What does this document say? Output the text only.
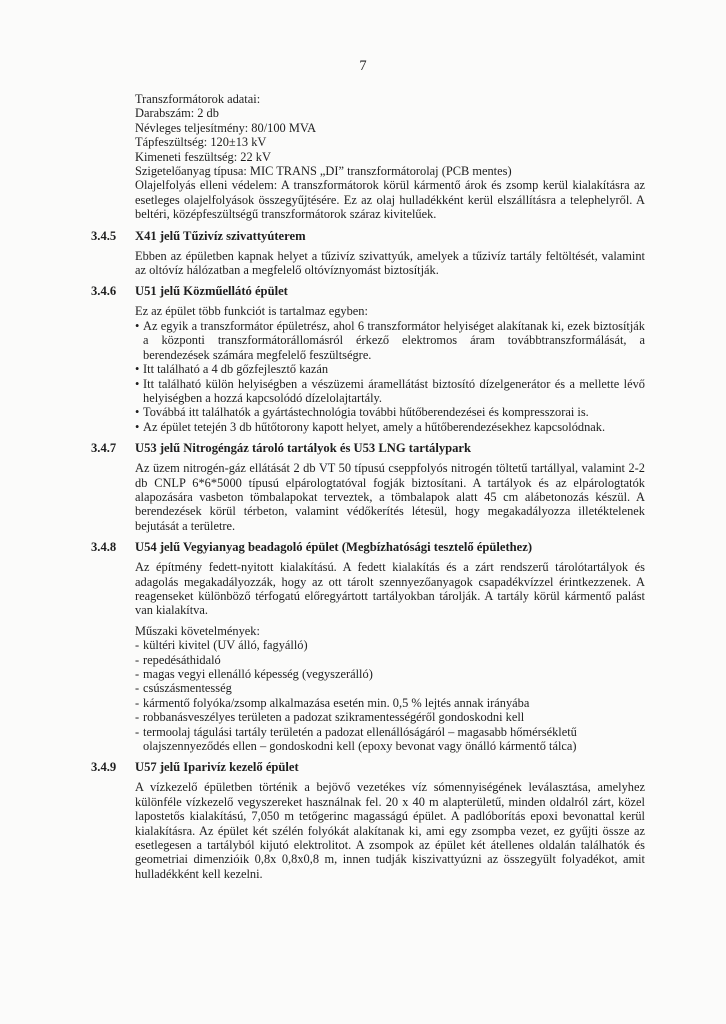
7
Transzformátorok adatai:
Darabszám: 2 db
Névleges teljesítmény: 80/100 MVA
Tápfeszültség: 120±13 kV
Kimeneti feszültség: 22 kV
Szigetelőanyag típusa: MIC TRANS „DI” transzformátorolaj (PCB mentes)

Olajelfolyás elleni védelem: A transzformátorok körül kármentő árok és zsomp kerül kialakításra az esetleges olajelfolyások összegyűjtésére. Ez az olaj hulladékként kerül elszállításra a telephelyről. A beltéri, középfeszültségű transzformátorok száraz kivitelűek.

3.4.5 X41 jelű Tűzivíz szivattyúterem

Ebben az épületben kapnak helyet a tűzivíz szivattyúk, amelyek a tűzivíz tartály feltöltését, valamint az oltóvíz hálózatban a megfelelő oltóvíznyomást biztosítják.

3.4.6 U51 jelű Közműellátó épület

Ez az épület több funkciót is tartalmaz egyben:

• Az egyik a transzformátor épületrész, ahol 6 transzformátor helyiséget alakítanak ki, ezek biztosítják a központi transzformátorállomásról érkező elektromos áram továbbtranszformálását, a berendezések számára megfelelő feszültségre.

• Itt található a 4 db gőzfejlesztő kazán

• Itt található külön helyiségben a vészüzemi áramellátást biztosító dízelgenerátor és a mellette lévő helyiségben a hozzá kapcsolódó dízelolajtartály.

• Továbbá itt találhatók a gyártástechnológia további hűtőberendezései és kompresszorai is.

• Az épület tetején 3 db hűtőtorony kapott helyet, amely a hűtőberendezésekhez kapcsolódnak.

3.4.7 U53 jelű Nitrogéngáz tároló tartályok és U53 LNG tartálypark

Az üzem nitrogén-gáz ellátását 2 db VT 50 típusú cseppfolyós nitrogén töltetű tartállyal, valamint 2-2 db CNLP 6*6*5000 típusú elpárologtatóval fogják biztosítani. A tartályok és az elpárologtatók alapozására vasbeton tömbalapokat terveztek, a tömbalapok alatt 45 cm alábetonozás készül. A berendezések körül térbeton, valamint védőkerítés létesül, hogy megakadályozza illetéktelenek bejutását a területre.

3.4.8 U54 jelű Vegyianyag beadagoló épület (Megbízhatósági tesztelő épülethez)

Az építmény fedett-nyitott kialakítású. A fedett kialakítás és a zárt rendszerű tárolótartályok és adagolás megakadályozzák, hogy az ott tárolt szennyezőanyagok csapadékvízzel érintkezzenek. A reagenseket különböző térfogatú előregyártott tartályokban tárolják. A tartály körül kármentő palást van kialakítva.

Műszaki követelmények:

- kültéri kivitel (UV álló, fagyálló)

- repedésáthidaló

- magas vegyi ellenálló képesség (vegyszerálló)

- csúszásmentesség

- kármentő folyóka/zsomp alkalmazása esetén min. 0,5 % lejtés annak irányába

- robbanásveszélyes területen a padozat szikramentességéről gondoskodni kell

- termoolaj tágulási tartály területén a padozat ellenállóságáról – magasabb hőmérsékletű olajszennyeződés ellen – gondoskodni kell (epoxy bevonat vagy önálló kármentő tálca)

3.4.9 U57 jelű Iparivíz kezelő épület

A vízkezelő épületben történik a bejövő vezetékes víz sómennyiségének leválasztása, amelyhez különféle vízkezelő vegyszereket használnak fel. 20 x 40 m alapterületű, minden oldalról zárt, közel lapostetős kialakítású, 7,050 m tetőgerinc magasságú épület. A padlóborítás epoxi bevonattal kerül kialakításra. Az épület két szélén folyókát alakítanak ki, ami egy zsompba vezet, ez gyűjti össze az esetlegesen a tartályból kijutó elektrolitot. A zsompok az épület két átellenes oldalán találhatók és geometriai dimenzióik 0,8x 0,8x0,8 m, innen tudják kiszivattyúzni az összegyült folyadékot, amit hulladékként kell kezelni.
